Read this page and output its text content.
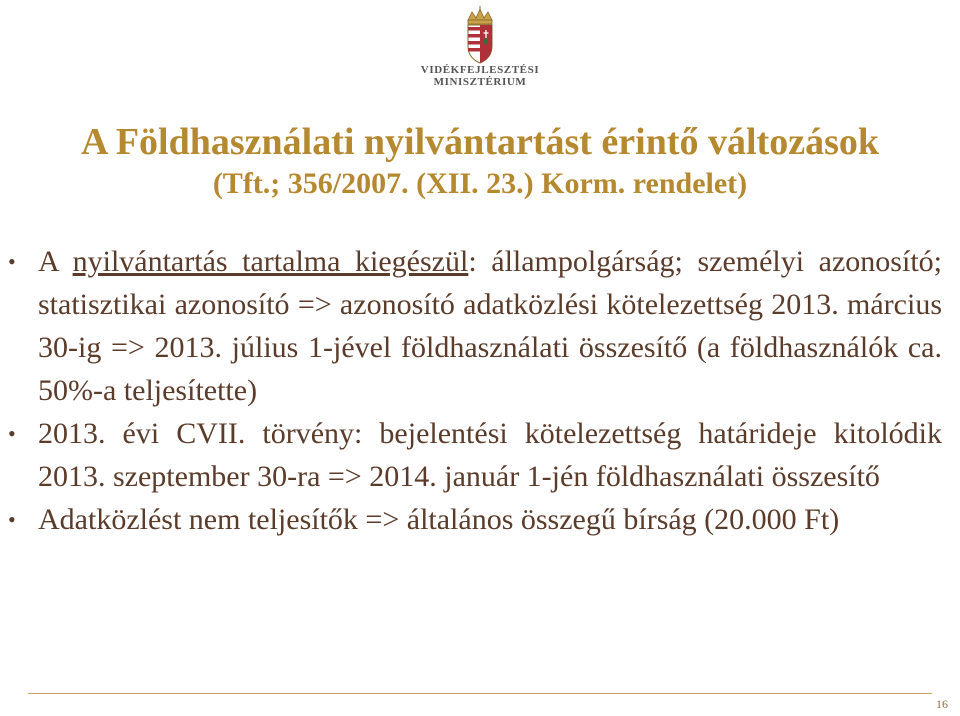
VIDÉKFEJLESZTÉSI
MINISZTÉRIUM
A Földhasználati nyilvántartást érintő változások
(Tft.; 356/2007. (XII. 23.) Korm. rendelet)
• A nyilvántartás tartalma kiegészül: állampolgárság; személyi azonosító; statisztikai azonosító => azonosító adatközlési kötelezettség 2013. március 30-ig => 2013. július 1-jével földhasználati összesítő (a földhasználók ca. 50%-a teljesítette)
• 2013. évi CVII. törvény: bejelentési kötelezettség határideje kitolódik 2013. szeptember 30-ra => 2014. január 1-jén földhasználati összesítő
• Adatközlést nem teljesítők => általános összegű bírság (20.000 Ft)
16
